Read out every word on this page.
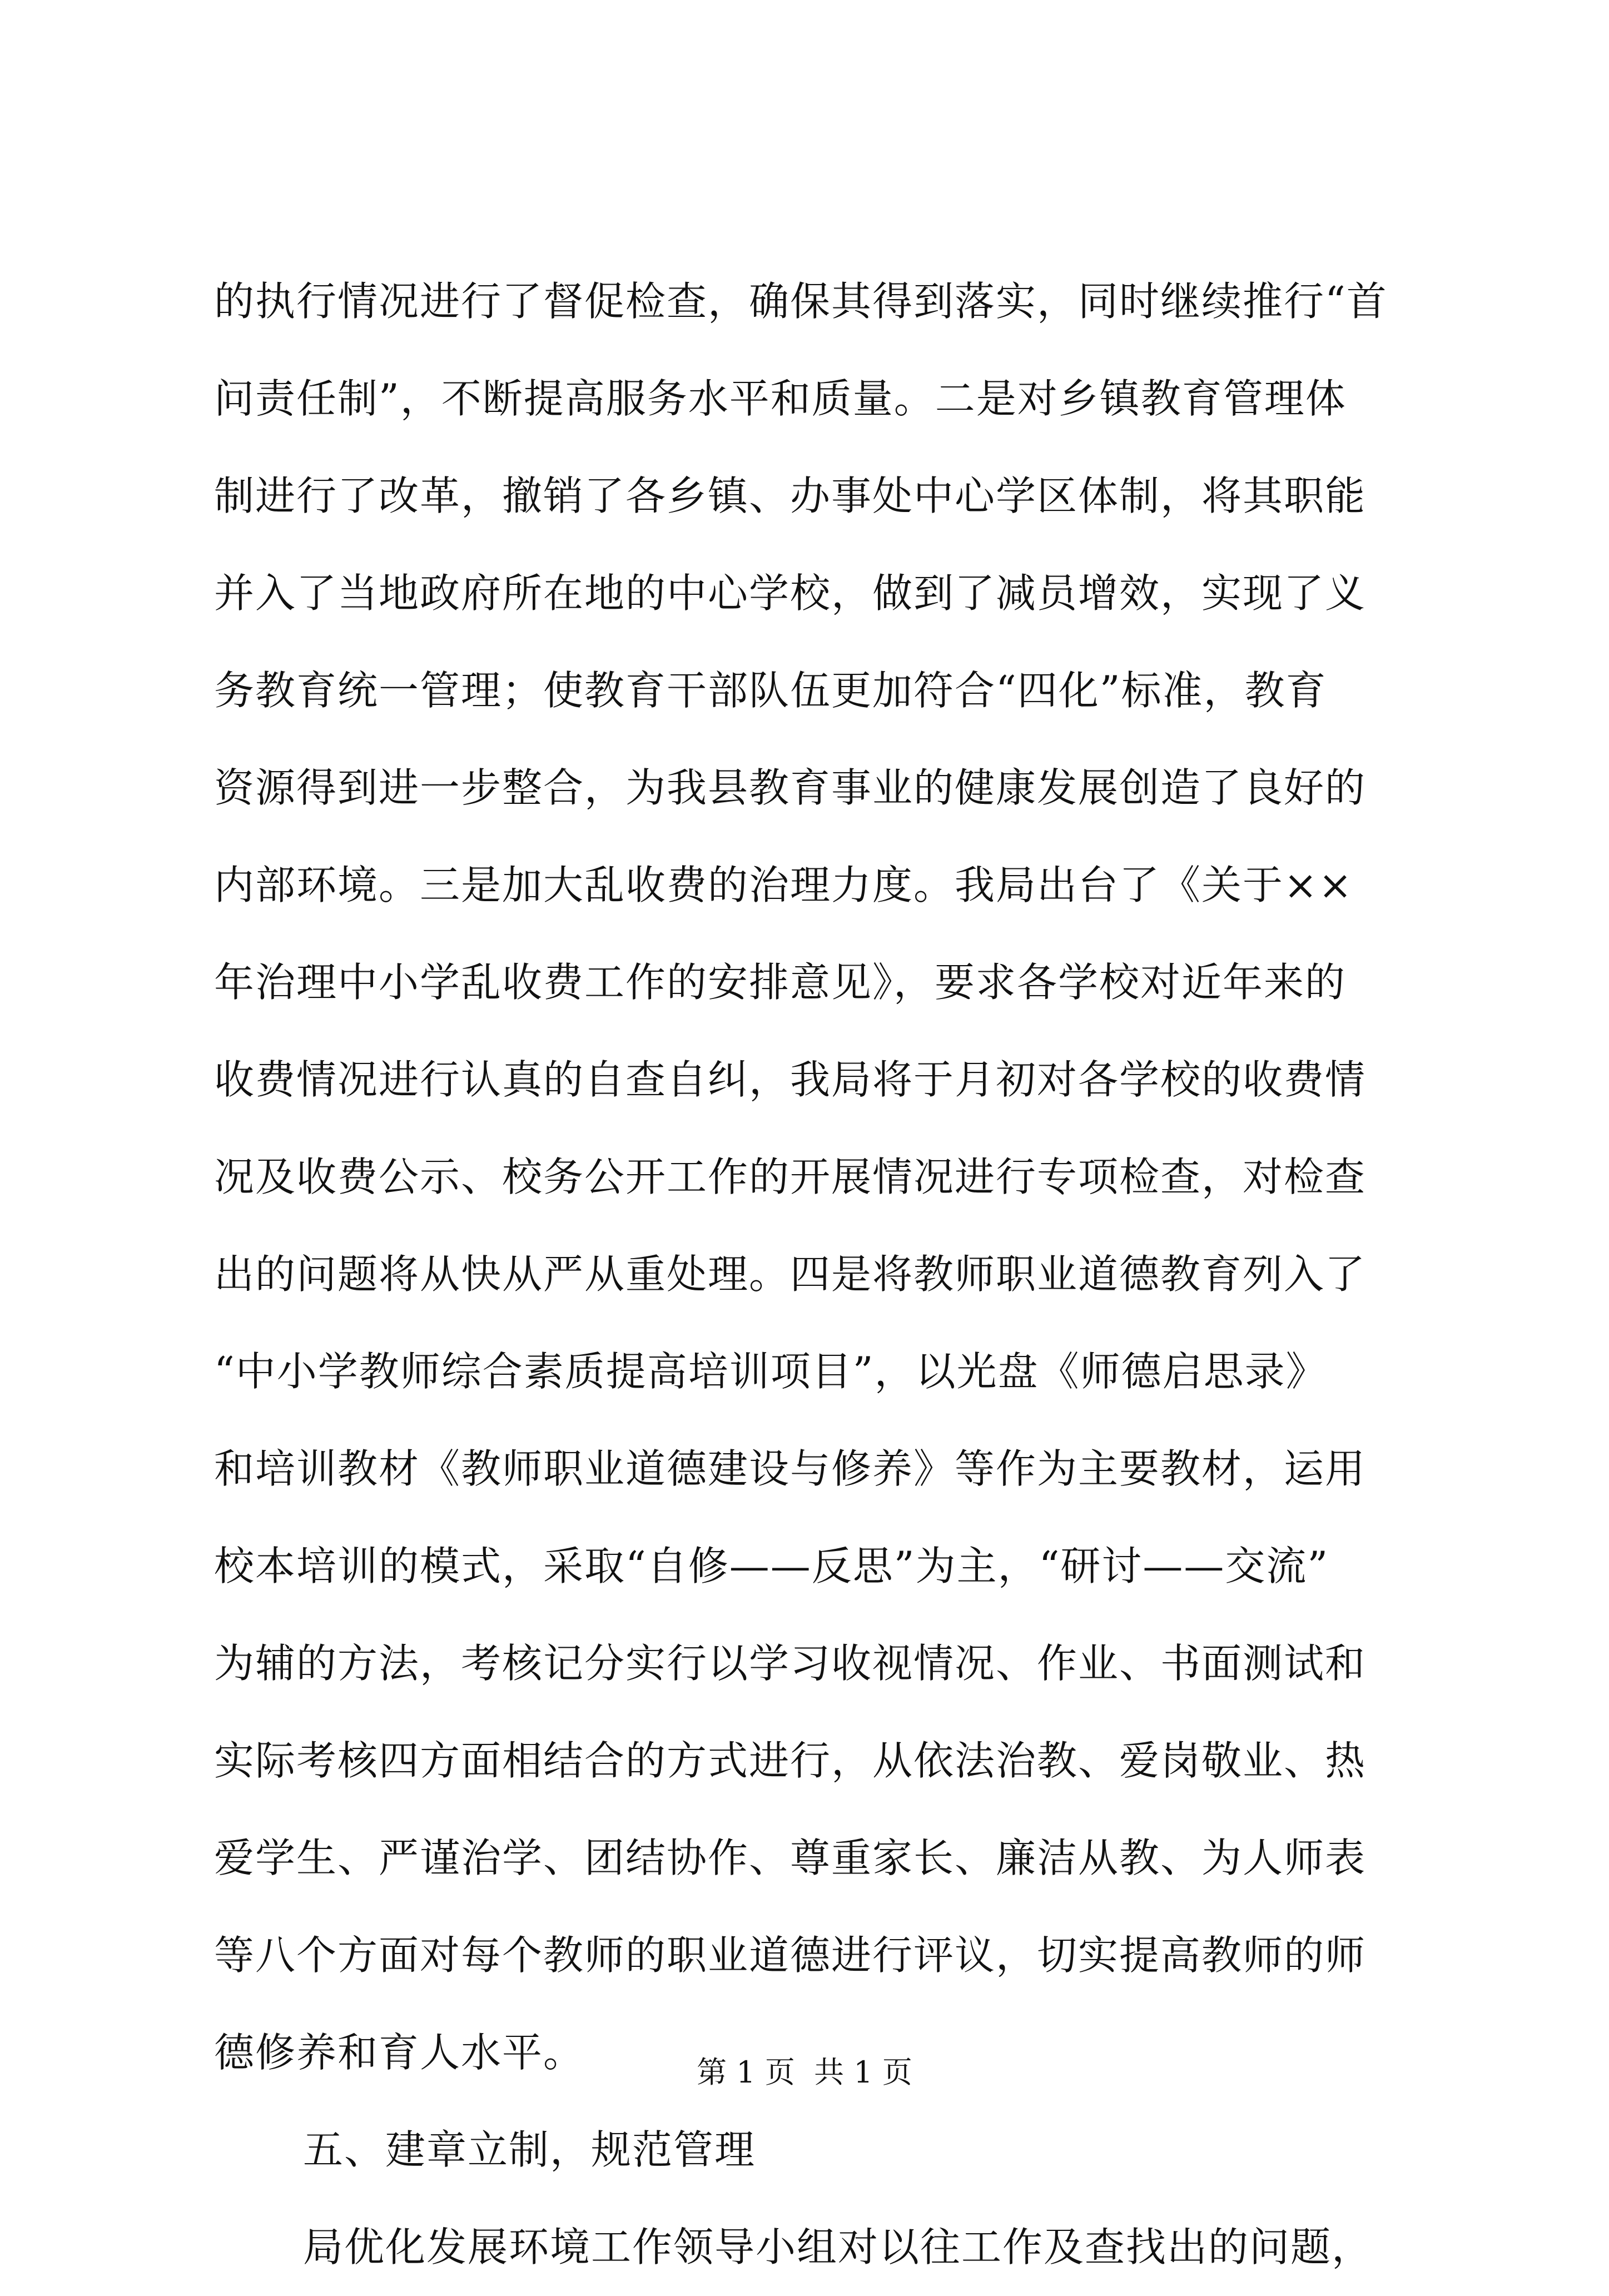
的执行情况进行了督促检查，确保其得到落实，同时继续推行“首
问责任制”，不断提高服务水平和质量。二是对乡镇教育管理体
制进行了改革，撤销了各乡镇、办事处中心学区体制，将其职能
并入了当地政府所在地的中心学校，做到了减员增效，实现了义
务教育统一管理；使教育干部队伍更加符合“四化”标准，教育
资源得到进一步整合，为我县教育事业的健康发展创造了良好的
内部环境。三是加大乱收费的治理力度。我局出台了《关于××
年治理中小学乱收费工作的安排意见》，要求各学校对近年来的
收费情况进行认真的自查自纠，我局将于月初对各学校的收费情
况及收费公示、校务公开工作的开展情况进行专项检查，对检查
出的问题将从快从严从重处理。四是将教师职业道德教育列入了
“中小学教师综合素质提高培训项目”，以光盘《师德启思录》
和培训教材《教师职业道德建设与修养》等作为主要教材，运用
校本培训的模式，采取“自修——反思”为主，“研讨——交流”
为辅的方法，考核记分实行以学习收视情况、作业、书面测试和
实际考核四方面相结合的方式进行，从依法治教、爱岗敬业、热
爱学生、严谨治学、团结协作、尊重家长、廉洁从教、为人师表
等八个方面对每个教师的职业道德进行评议，切实提高教师的师
德修养和育人水平。
五、建章立制，规范管理
局优化发展环境工作领导小组对以往工作及查找出的问题，
第 1 页  共 1 页
